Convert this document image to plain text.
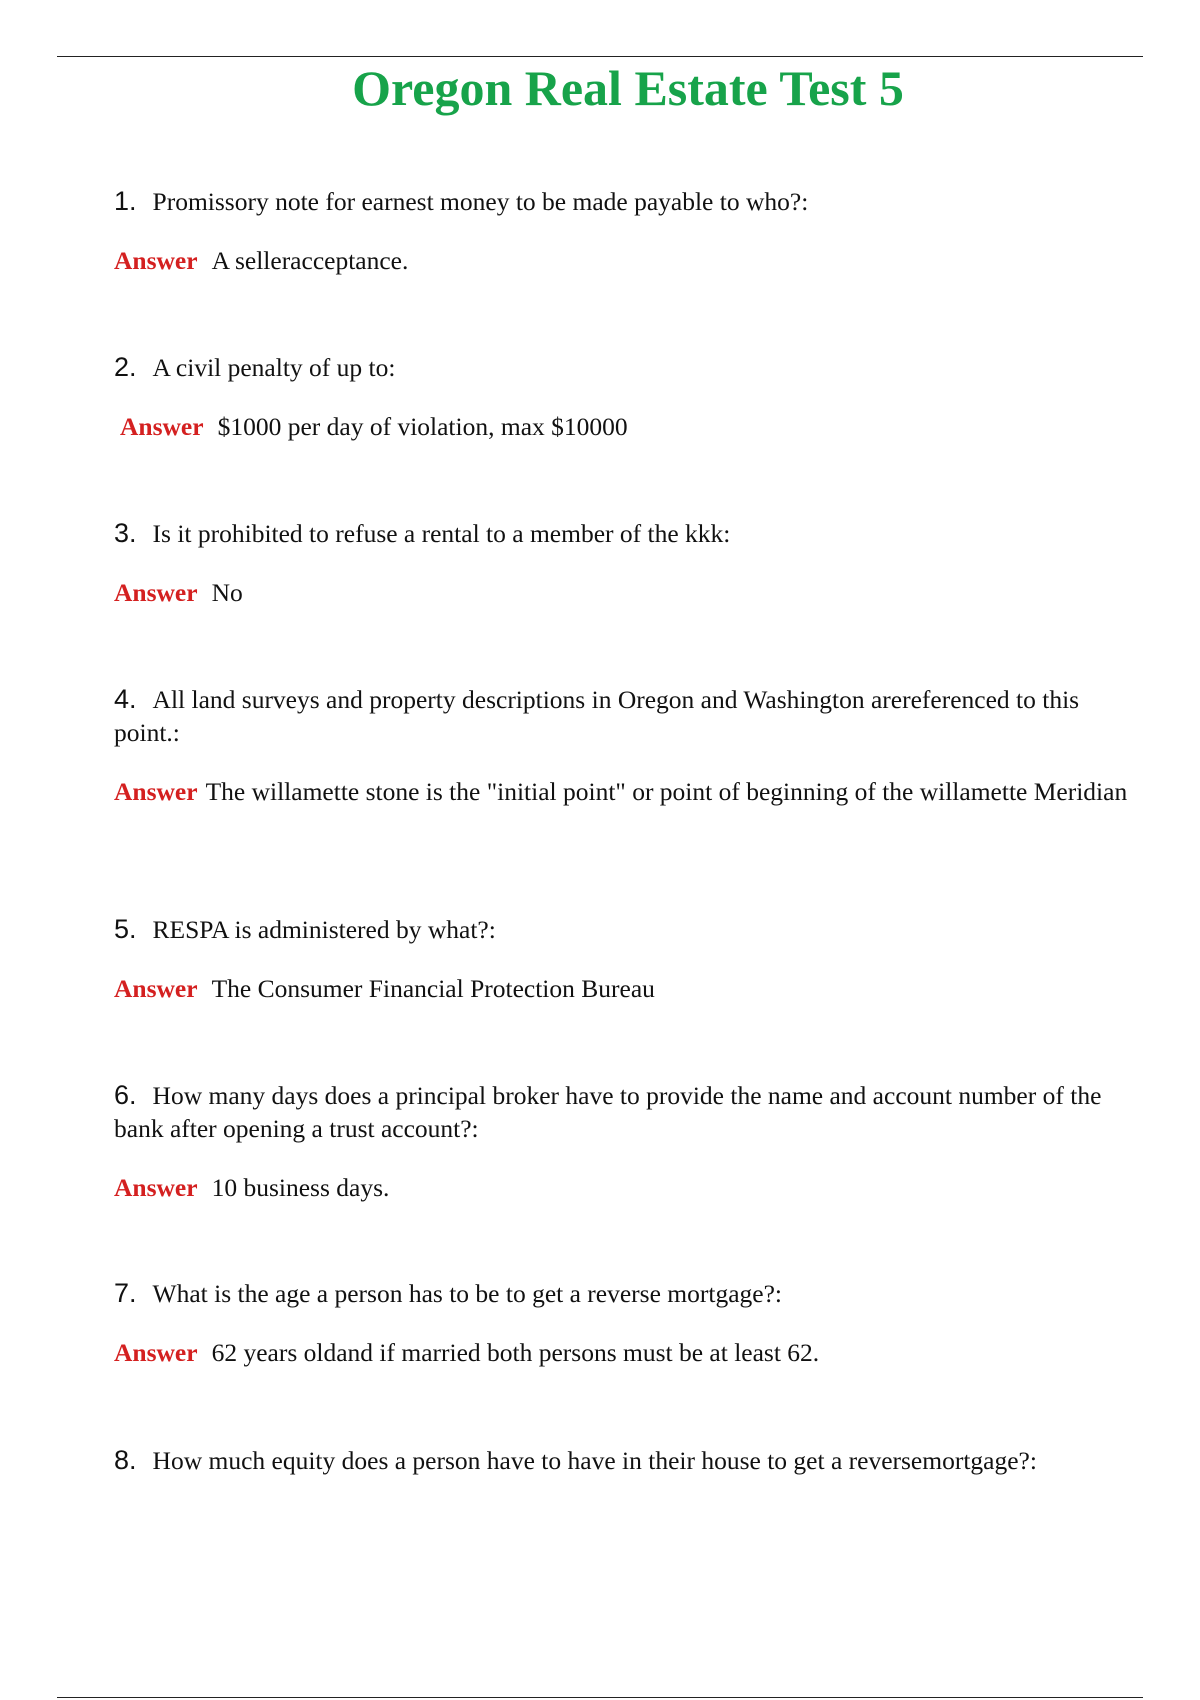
Oregon Real Estate Test 5

1. Promissory note for earnest money to be made payable to who?:

Answer A selleracceptance.

2. A civil penalty of up to:

Answer $1000 per day of violation, max $10000

3. Is it prohibited to refuse a rental to a member of the kkk:

Answer No

4. All land surveys and property descriptions in Oregon and Washington arereferenced to this point.:

Answer The willamette stone is the "initial point" or point of beginning of the willamette Meridian

5. RESPA is administered by what?:

Answer The Consumer Financial Protection Bureau

6. How many days does a principal broker have to provide the name and account number of the bank after opening a trust account?:

Answer 10 business days.

7. What is the age a person has to be to get a reverse mortgage?:

Answer 62 years oldand if married both persons must be at least 62.

8. How much equity does a person have to have in their house to get a reversemortgage?:
